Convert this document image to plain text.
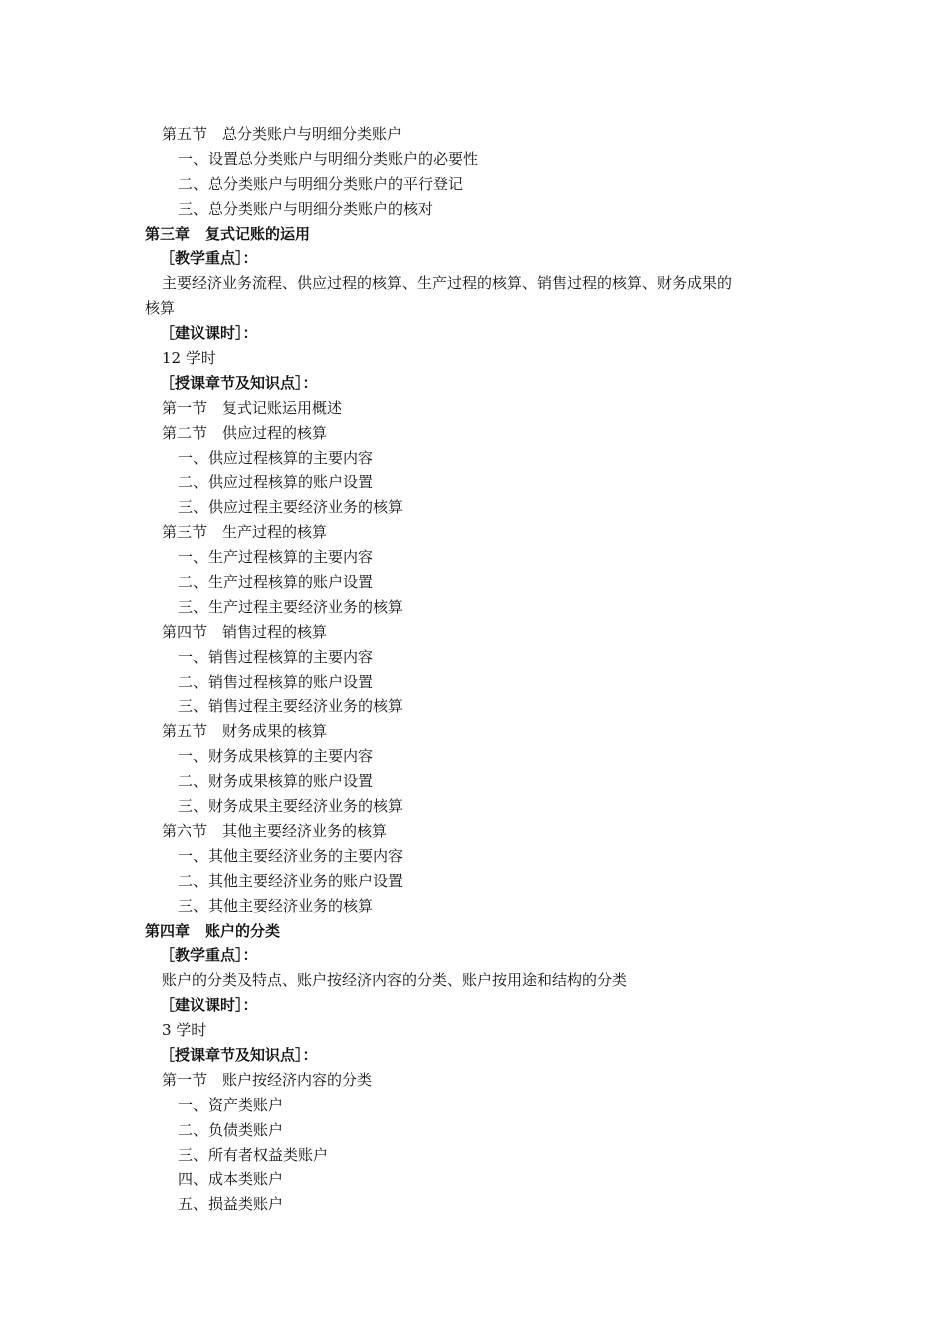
第五节　总分类账户与明细分类账户
一、设置总分类账户与明细分类账户的必要性
二、总分类账户与明细分类账户的平行登记
三、总分类账户与明细分类账户的核对
第三章　复式记账的运用
［教学重点］：
主要经济业务流程、供应过程的核算、生产过程的核算、销售过程的核算、财务成果的
核算
［建议课时］：
12 学时
［授课章节及知识点］：
第一节　复式记账运用概述
第二节　供应过程的核算
一、供应过程核算的主要内容
二、供应过程核算的账户设置
三、供应过程主要经济业务的核算
第三节　生产过程的核算
一、生产过程核算的主要内容
二、生产过程核算的账户设置
三、生产过程主要经济业务的核算
第四节　销售过程的核算
一、销售过程核算的主要内容
二、销售过程核算的账户设置
三、销售过程主要经济业务的核算
第五节　财务成果的核算
一、财务成果核算的主要内容
二、财务成果核算的账户设置
三、财务成果主要经济业务的核算
第六节　其他主要经济业务的核算
一、其他主要经济业务的主要内容
二、其他主要经济业务的账户设置
三、其他主要经济业务的核算
第四章　账户的分类
［教学重点］：
账户的分类及特点、账户按经济内容的分类、账户按用途和结构的分类
［建议课时］：
3 学时
［授课章节及知识点］：
第一节　账户按经济内容的分类
一、资产类账户
二、负债类账户
三、所有者权益类账户
四、成本类账户
五、损益类账户
